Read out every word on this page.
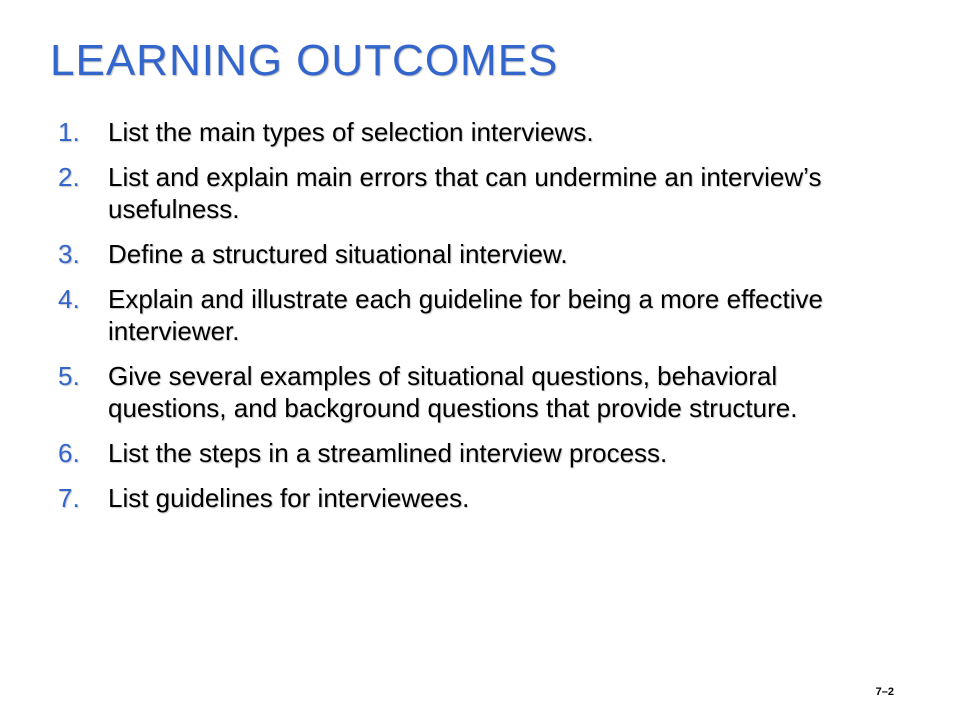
LEARNING OUTCOMES
1.	List the main types of selection interviews.
2.	List and explain main errors that can undermine an interview’s usefulness.
3.	Define a structured situational interview.
4.	Explain and illustrate each guideline for being a more effective interviewer.
5.	Give several examples of situational questions, behavioral questions, and background questions that provide structure.
6.	List the steps in a streamlined interview process.
7.	List guidelines for interviewees.
7–2
